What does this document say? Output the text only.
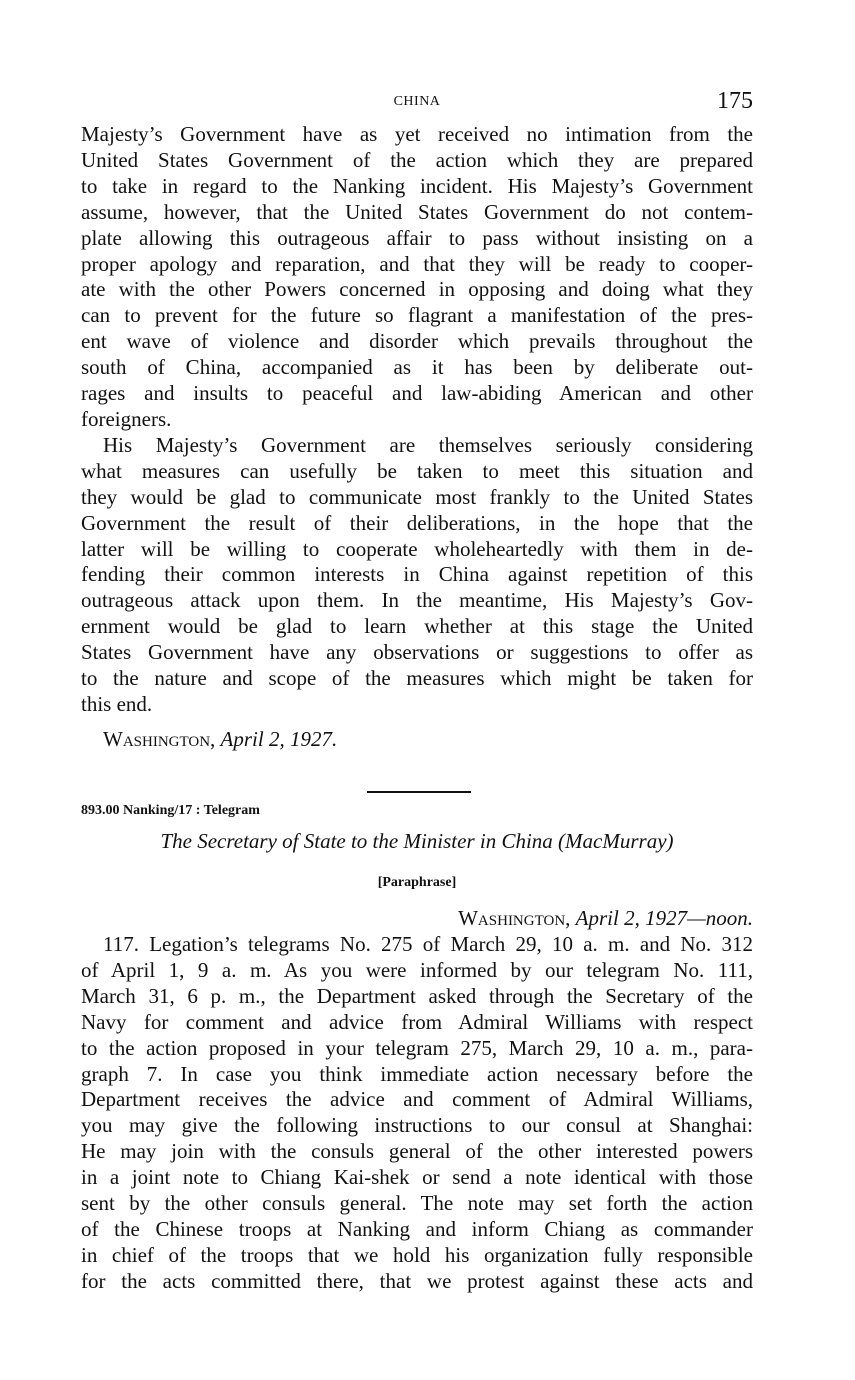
CHINA	175

Majesty’s Government have as yet received no intimation from the
United States Government of the action which they are prepared
to take in regard to the Nanking incident. His Majesty’s Government
assume, however, that the United States Government do not contem-
plate allowing this outrageous affair to pass without insisting on a
proper apology and reparation, and that they will be ready to cooper-
ate with the other Powers concerned in opposing and doing what they
can to prevent for the future so flagrant a manifestation of the pres-
ent wave of violence and disorder which prevails throughout the
south of China, accompanied as it has been by deliberate out-
rages and insults to peaceful and law-abiding American and other
foreigners.

His Majesty’s Government are themselves seriously considering
what measures can usefully be taken to meet this situation and
they would be glad to communicate most frankly to the United States
Government the result of their deliberations, in the hope that the
latter will be willing to cooperate wholeheartedly with them in de-
fending their common interests in China against repetition of this
outrageous attack upon them. In the meantime, His Majesty’s Gov-
ernment would be glad to learn whether at this stage the United
States Government have any observations or suggestions to offer as
to the nature and scope of the measures which might be taken for
this end.

Washington, April 2, 1927.
893.00 Nanking/17 : Telegram
The Secretary of State to the Minister in China (MacMurray)
[Paraphrase]
Washington, April 2, 1927—noon.

117. Legation’s telegrams No. 275 of March 29, 10 a. m. and No. 312
of April 1, 9 a. m. As you were informed by our telegram No. 111,
March 31, 6 p. m., the Department asked through the Secretary of the
Navy for comment and advice from Admiral Williams with respect
to the action proposed in your telegram 275, March 29, 10 a. m., para-
graph 7. In case you think immediate action necessary before the
Department receives the advice and comment of Admiral Williams,
you may give the following instructions to our consul at Shanghai:
He may join with the consuls general of the other interested powers
in a joint note to Chiang Kai-shek or send a note identical with those
sent by the other consuls general. The note may set forth the action
of the Chinese troops at Nanking and inform Chiang as commander
in chief of the troops that we hold his organization fully responsible
for the acts committed there, that we protest against these acts and
